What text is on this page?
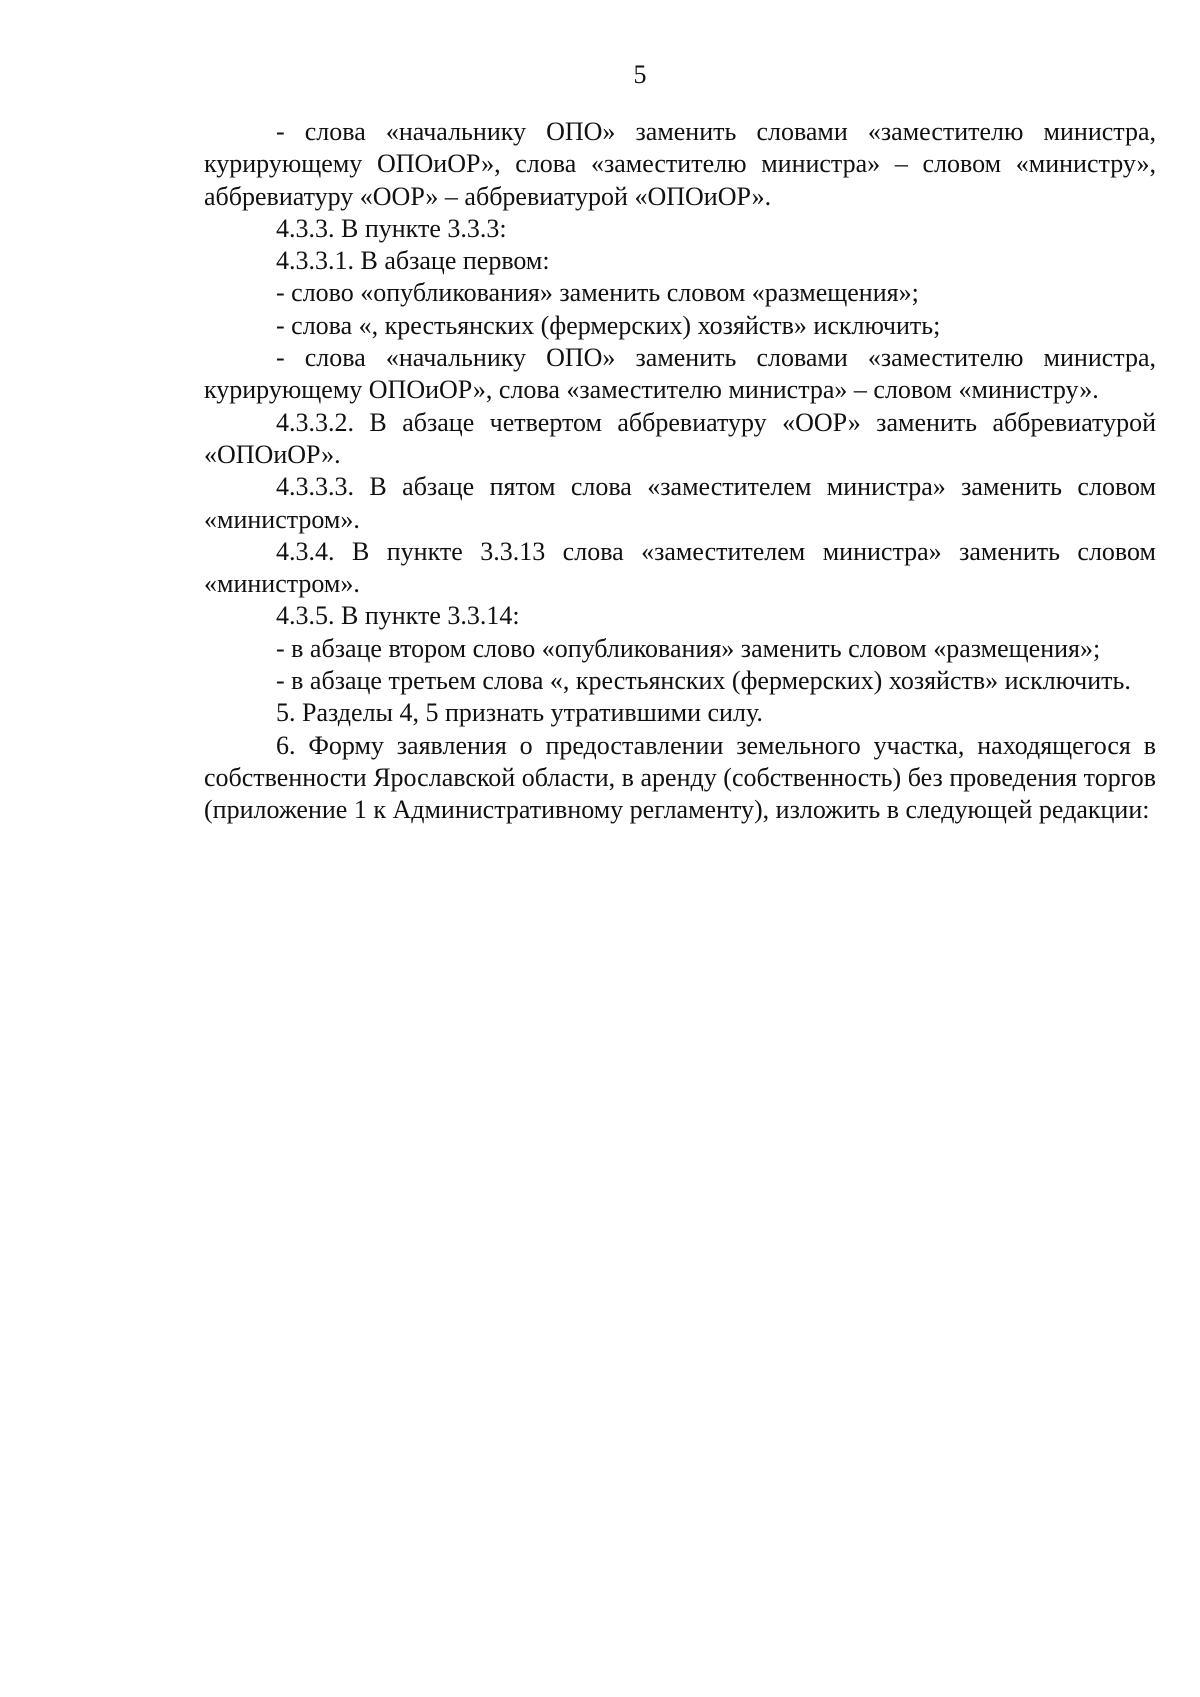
5

- слова «начальнику ОПО» заменить словами «заместителю министра, курирующему ОПОиОР», слова «заместителю министра» – словом «министру», аббревиатуру «ООР» – аббревиатурой «ОПОиОР».

4.3.3. В пункте 3.3.3:

4.3.3.1. В абзаце первом:

- слово «опубликования» заменить словом «размещения»;

- слова «, крестьянских (фермерских) хозяйств» исключить;

- слова «начальнику ОПО» заменить словами «заместителю министра, курирующему ОПОиОР», слова «заместителю министра» – словом «министру».

4.3.3.2. В абзаце четвертом аббревиатуру «ООР» заменить аббревиатурой «ОПОиОР».

4.3.3.3. В абзаце пятом слова «заместителем министра» заменить словом «министром».

4.3.4. В пункте 3.3.13 слова «заместителем министра» заменить словом «министром».

4.3.5. В пункте 3.3.14:

- в абзаце втором слово «опубликования» заменить словом «размещения»;

- в абзаце третьем слова «, крестьянских (фермерских) хозяйств» исключить.

5. Разделы 4, 5 признать утратившими силу.

6. Форму заявления о предоставлении земельного участка, находящегося в собственности Ярославской области, в аренду (собственность) без проведения торгов (приложение 1 к Административному регламенту), изложить в следующей редакции:
